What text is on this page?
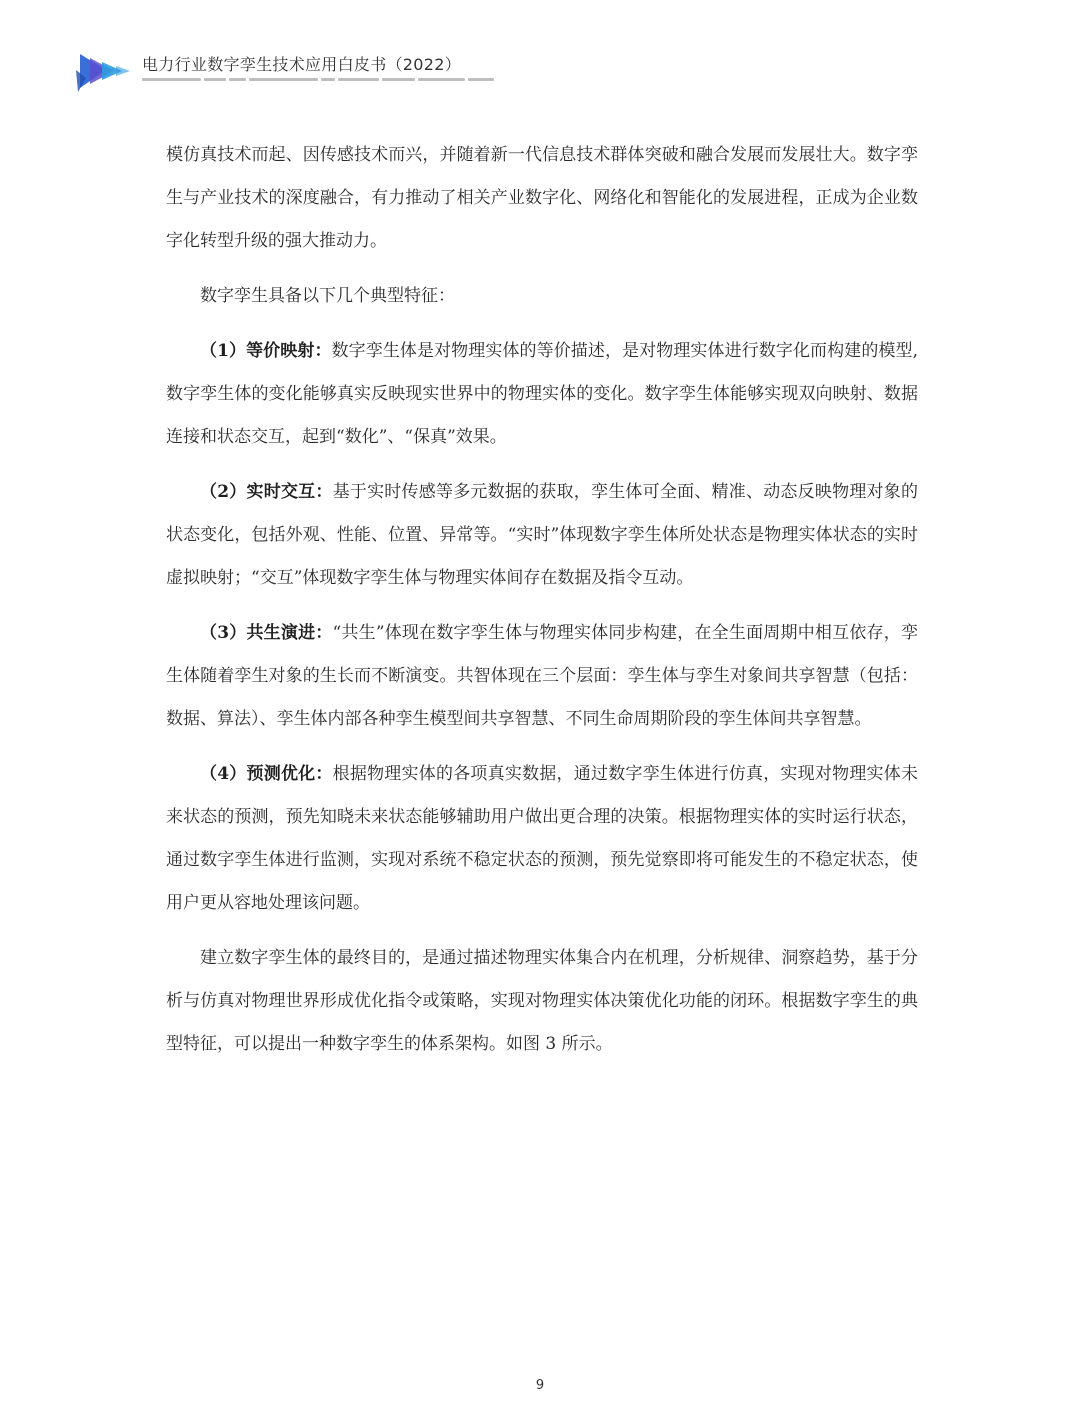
电力行业数字孪生技术应用白皮书（2022）

模仿真技术而起、因传感技术而兴，并随着新一代信息技术群体突破和融合发展而发展壮大。数字孪生与产业技术的深度融合，有力推动了相关产业数字化、网络化和智能化的发展进程，正成为企业数字化转型升级的强大推动力。

数字孪生具备以下几个典型特征：

（1）等价映射：数字孪生体是对物理实体的等价描述，是对物理实体进行数字化而构建的模型,数字孪生体的变化能够真实反映现实世界中的物理实体的变化。数字孪生体能够实现双向映射、数据连接和状态交互，起到“数化”、“保真”效果。

（2）实时交互：基于实时传感等多元数据的获取，孪生体可全面、精准、动态反映物理对象的状态变化，包括外观、性能、位置、异常等。“实时”体现数字孪生体所处状态是物理实体状态的实时虚拟映射；“交互”体现数字孪生体与物理实体间存在数据及指令互动。

（3）共生演进：“共生”体现在数字孪生体与物理实体同步构建，在全生面周期中相互依存，孪生体随着孪生对象的生长而不断演变。共智体现在三个层面：孪生体与孪生对象间共享智慧（包括：数据、算法）、孪生体内部各种孪生模型间共享智慧、不同生命周期阶段的孪生体间共享智慧。

（4）预测优化：根据物理实体的各项真实数据，通过数字孪生体进行仿真，实现对物理实体未来状态的预测，预先知晓未来状态能够辅助用户做出更合理的决策。根据物理实体的实时运行状态，通过数字孪生体进行监测，实现对系统不稳定状态的预测，预先觉察即将可能发生的不稳定状态，使用户更从容地处理该问题。

建立数字孪生体的最终目的，是通过描述物理实体集合内在机理，分析规律、洞察趋势，基于分析与仿真对物理世界形成优化指令或策略，实现对物理实体决策优化功能的闭环。根据数字孪生的典型特征，可以提出一种数字孪生的体系架构。如图 3 所示。

9
